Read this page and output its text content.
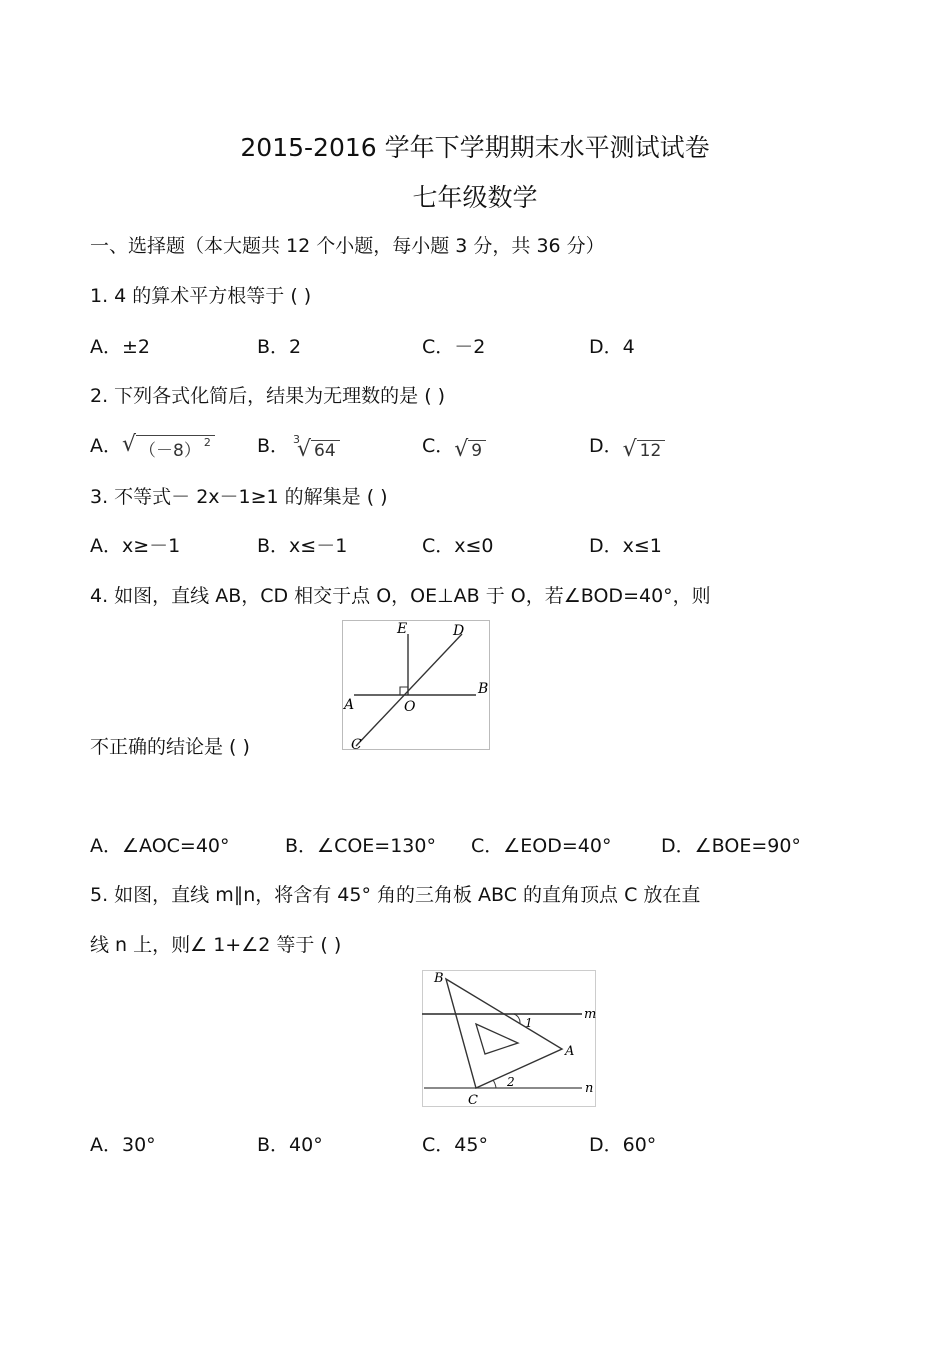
2015-2016 学年下学期期末水平测试试卷
七年级数学
一、选择题（本大题共 12 个小题，每小题 3 分，共 36 分）
1. 4 的算术平方根等于 ( )
A．±2	B．2	C．－2	D．4
2. 下列各式化简后，结果为无理数的是 ( )
A． √ （－8） $^2$ B． √ 3
64	C． √ 9	D． √ 12
3. 不等式－ 2x－1≥1 的解集是 ( )
A．x≥－1	B．x≤－1	C．x≤0	D．x≤1
4. 如图，直线 AB，CD 相交于点 O，OE⊥AB 于 O，若∠BOD=40°，则
E	D
A	O
B
C
不正确的结论是 ( )
A．∠AOC=40°	B．∠COE=130° C．∠EOD=40°	D．∠BOE=90°
5. 如图，直线 m∥n，将含有 45° 角的三角板 ABC 的直角顶点 C 放在直
线 n 上，则∠ 1+∠2 等于 ( )
B
m
1
A
2	n
C
A．30°	B．40°	C．45°	D．60°
